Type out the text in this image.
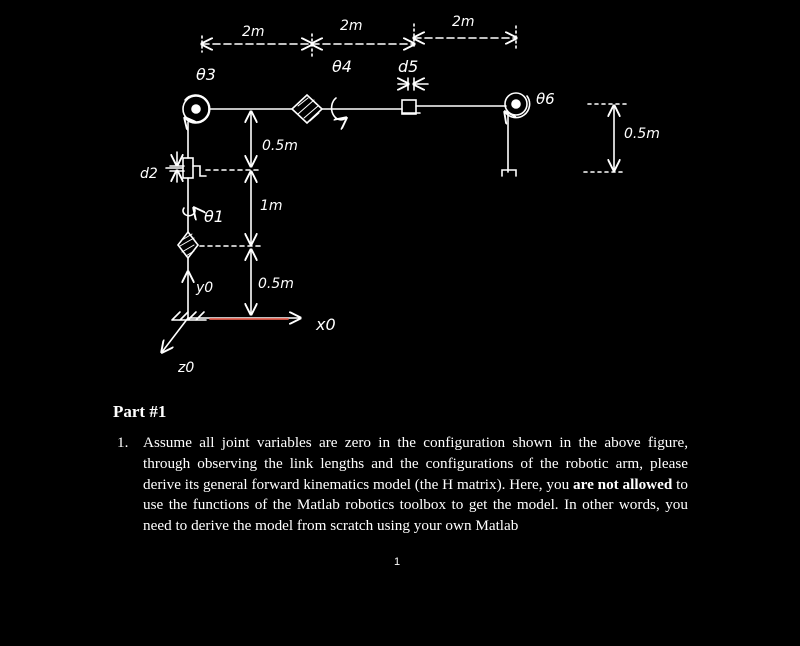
2m	2m	2m
θ3	θ4	d5
θ6
d2
θ1
0.5m
1m
0.5m
0.5m
y0
x0
z0
Part #1
1. Assume all joint variables are zero in the configuration shown in the above figure, through observing the link lengths and the configurations of the robotic arm, please derive its general forward kinematics model (the H matrix). Here, you are not allowed to use the functions of the Matlab robotics toolbox to get the model. In other words, you need to derive the model from scratch using your own Matlab
1
